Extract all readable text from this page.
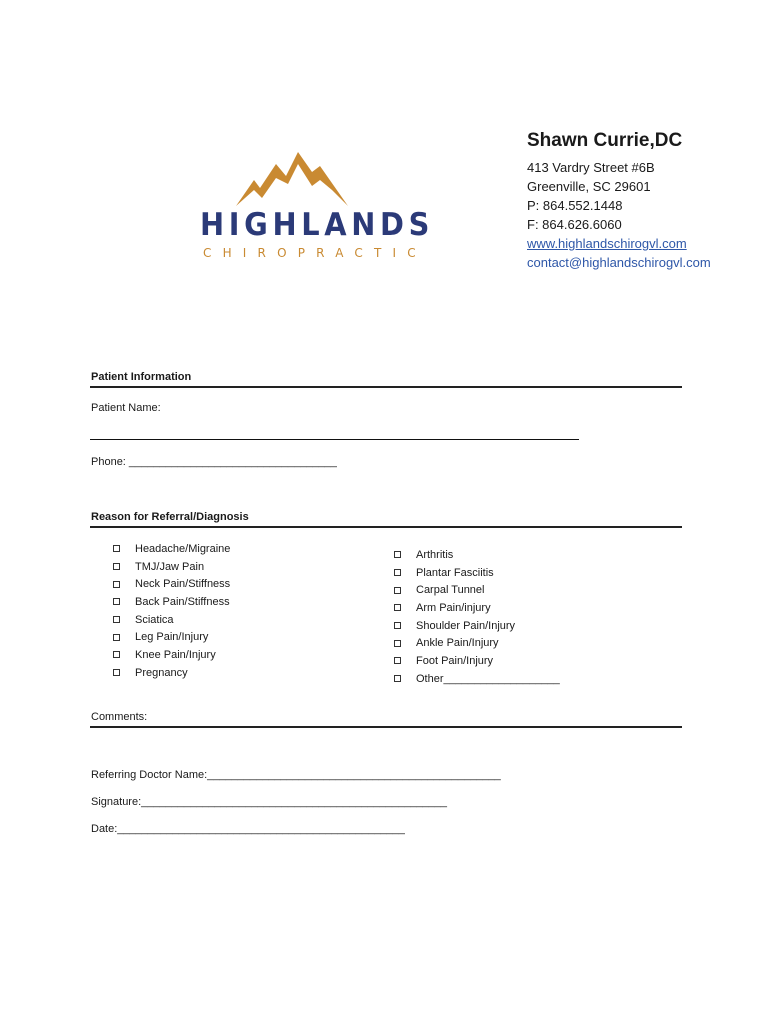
HIGHLANDS
CHIROPRACTIC
Shawn Currie,DC
413 Vardry Street #6B
Greenville, SC 29601
P: 864.552.1448
F: 864.626.6060
www.highlandschirogvl.com
contact@highlandschirogvl.com
Patient Information
Patient Name:
Phone: __________________________________
Reason for Referral/Diagnosis
Headache/Migraine
TMJ/Jaw Pain
Neck Pain/Stiffness
Back Pain/Stiffness
Sciatica
Leg Pain/Injury
Knee Pain/Injury
Pregnancy
Arthritis
Plantar Fasciitis
Carpal Tunnel
Arm Pain/injury
Shoulder Pain/Injury
Ankle Pain/Injury
Foot Pain/Injury
Other___________________
Comments:
Referring Doctor Name:________________________________________________
Signature:__________________________________________________
Date:_______________________________________________
